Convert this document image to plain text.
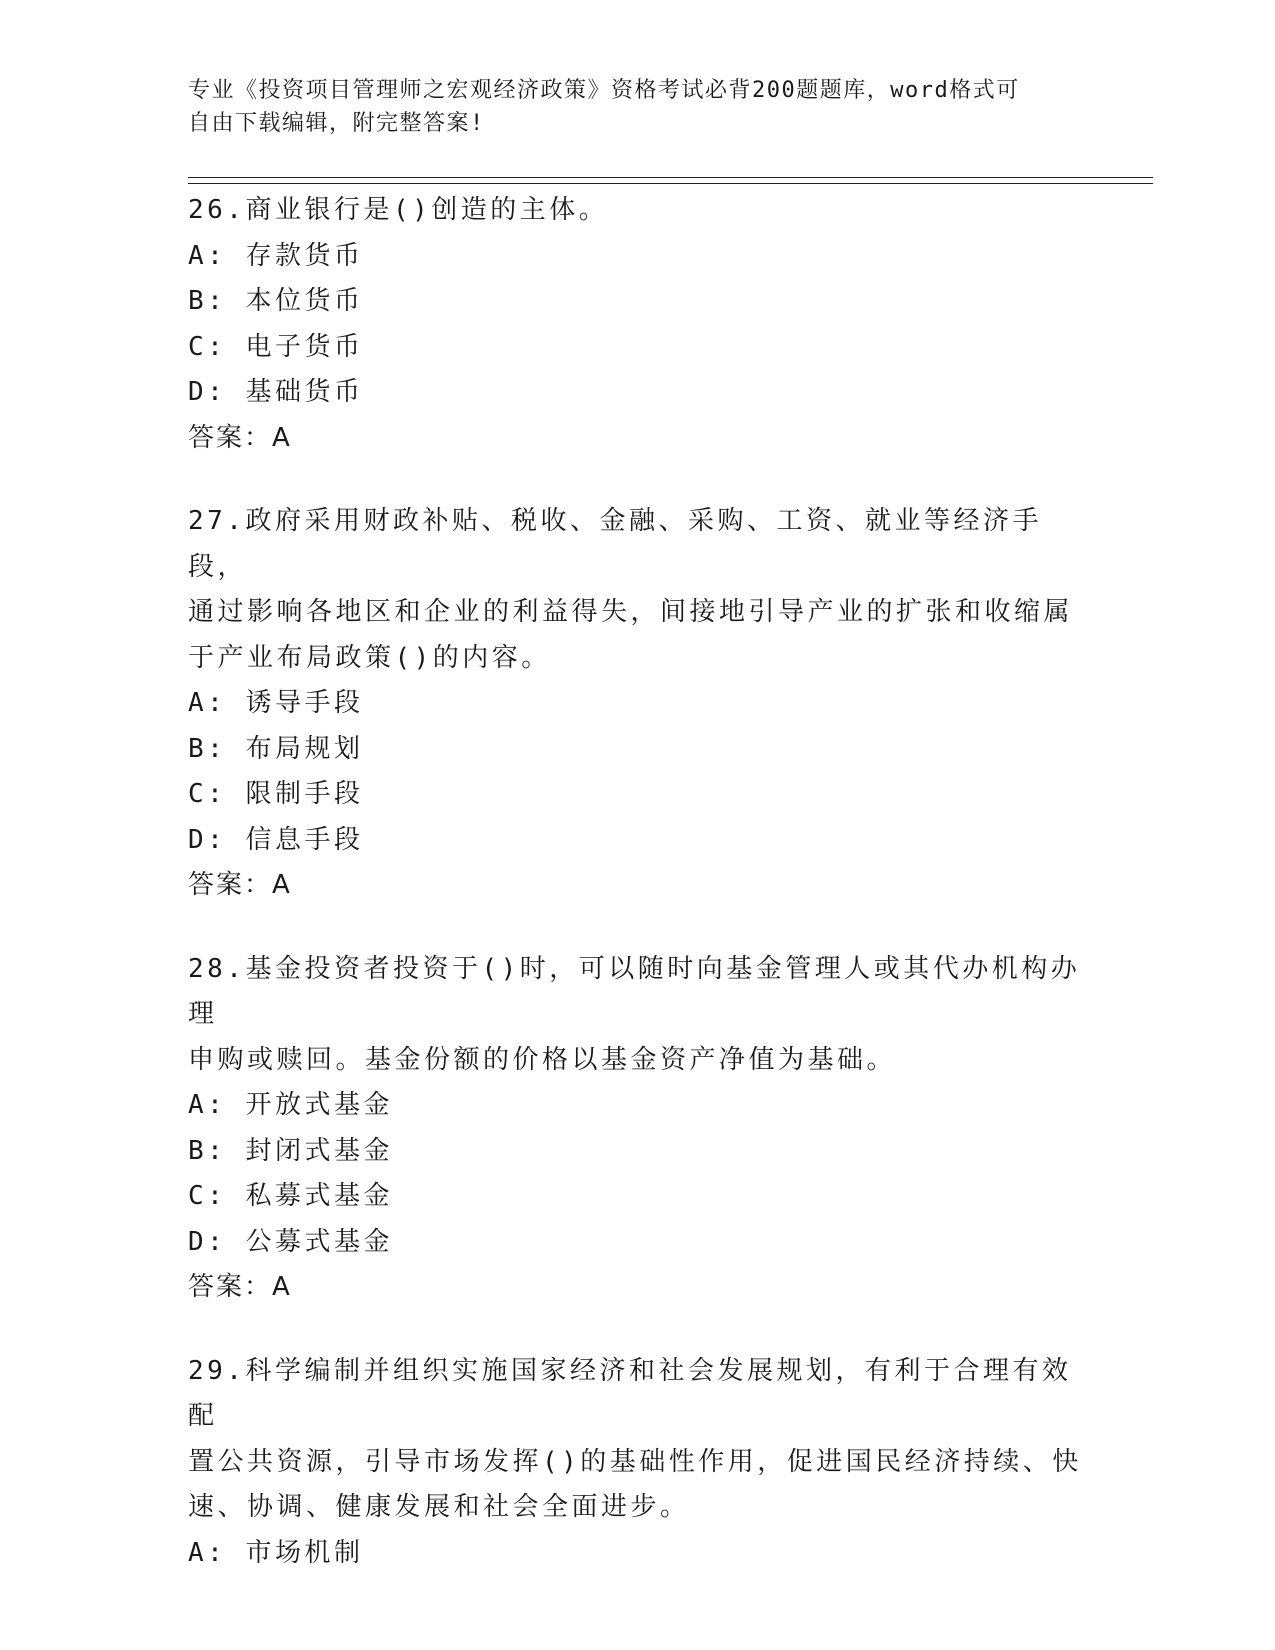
专业《投资项目管理师之宏观经济政策》资格考试必背200题题库，word格式可
自由下载编辑，附完整答案!
26.商业银行是()创造的主体。
A: 存款货币
B: 本位货币
C: 电子货币
D: 基础货币
答案：A
27.政府采用财政补贴、税收、金融、采购、工资、就业等经济手段，
通过影响各地区和企业的利益得失，间接地引导产业的扩张和收缩属
于产业布局政策()的内容。
A: 诱导手段
B: 布局规划
C: 限制手段
D: 信息手段
答案：A
28.基金投资者投资于()时，可以随时向基金管理人或其代办机构办理
申购或赎回。基金份额的价格以基金资产净值为基础。
A: 开放式基金
B: 封闭式基金
C: 私募式基金
D: 公募式基金
答案：A
29.科学编制并组织实施国家经济和社会发展规划，有利于合理有效配
置公共资源，引导市场发挥()的基础性作用，促进国民经济持续、快
速、协调、健康发展和社会全面进步。
A: 市场机制
